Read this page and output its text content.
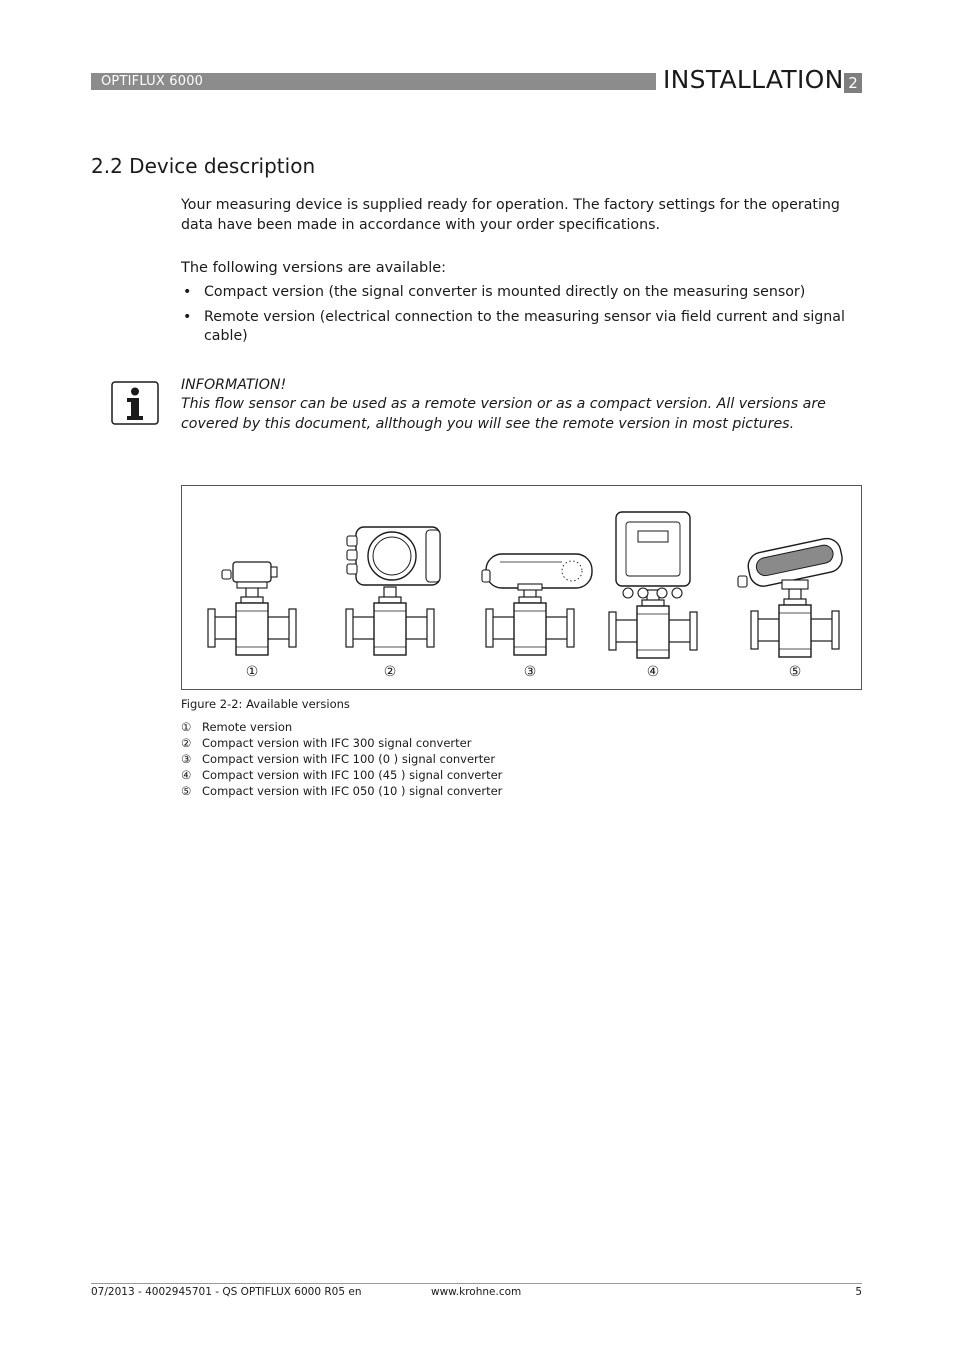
OPTIFLUX 6000	INSTALLATION 2
2.2 Device description
Your measuring device is supplied ready for operation. The factory settings for the operating data have been made in accordance with your order specifications.
The following versions are available:
• Compact version (the signal converter is mounted directly on the measuring sensor)
• Remote version (electrical connection to the measuring sensor via field current and signal cable)
INFORMATION!
This flow sensor can be used as a remote version or as a compact version. All versions are covered by this document, allthough you will see the remote version in most pictures.
①	②	③	④	⑤
Figure 2-2: Available versions
① Remote version
② Compact version with IFC 300 signal converter
③ Compact version with IFC 100 (0 ) signal converter
④ Compact version with IFC 100 (45 ) signal converter
⑤ Compact version with IFC 050 (10 ) signal converter
07/2013 - 4002945701 - QS OPTIFLUX 6000 R05 en	www.krohne.com	5
